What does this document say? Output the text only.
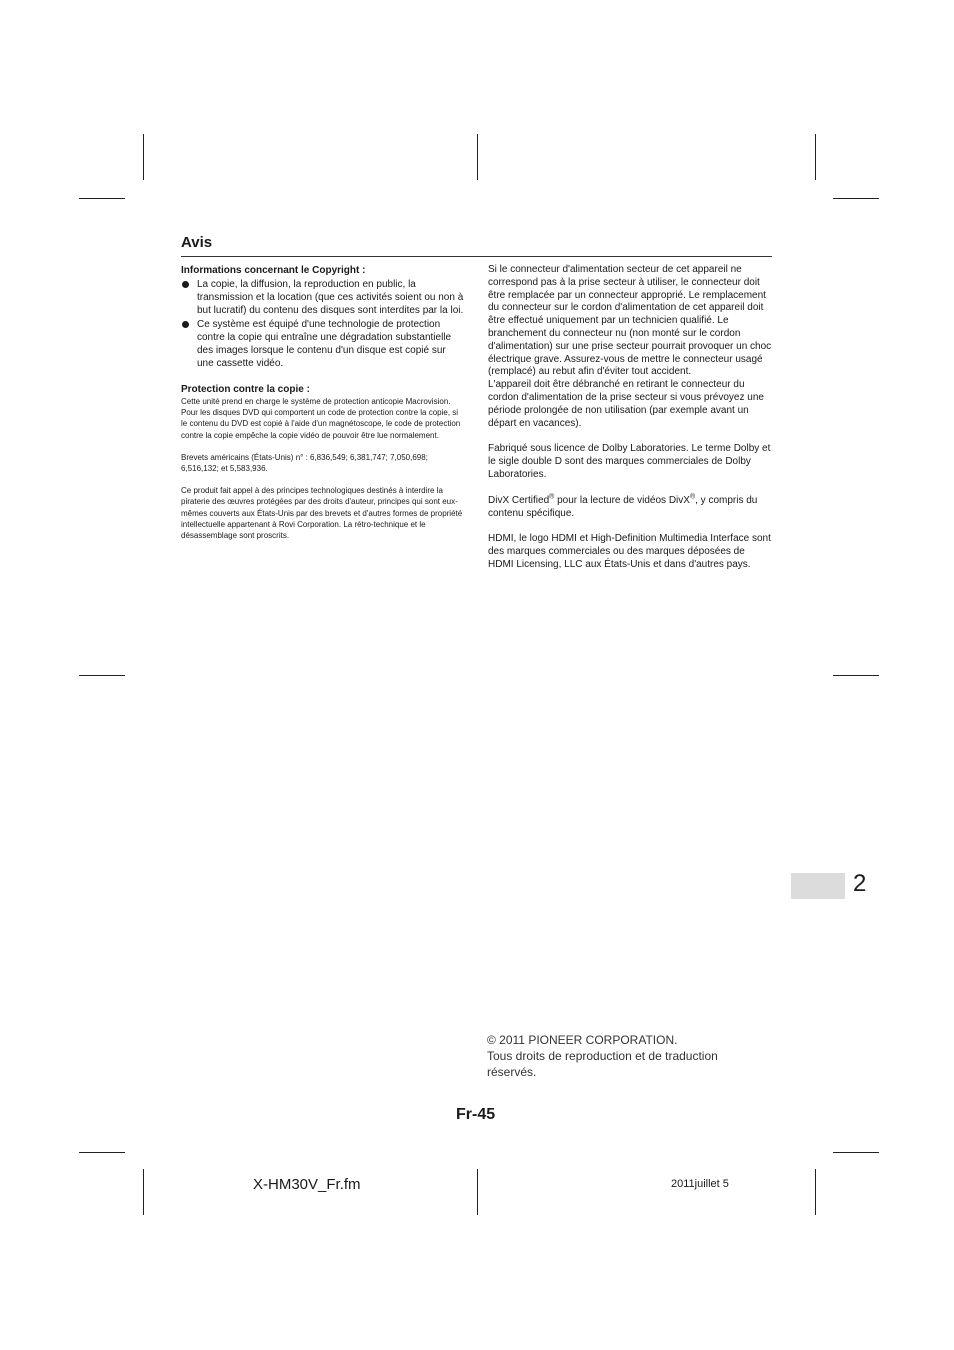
Avis
Informations concernant le Copyright :
La copie, la diffusion, la reproduction en public, la transmission et la location (que ces activités soient ou non à but lucratif) du contenu des disques sont interdites par la loi.
Ce système est équipé d'une technologie de protection contre la copie qui entraîne une dégradation substantielle des images lorsque le contenu d'un disque est copié sur une cassette vidéo.
Protection contre la copie :
Cette unité prend en charge le système de protection anticopie Macrovision.
Pour les disques DVD qui comportent un code de protection contre la copie, si le contenu du DVD est copié à l'aide d'un magnétoscope, le code de protection contre la copie empêche la copie vidéo de pouvoir être lue normalement.
Brevets américains (États-Unis) n° : 6,836,549; 6,381,747; 7,050,698; 6,516,132; et 5,583,936.
Ce produit fait appel à des principes technologiques destinés à interdire la piraterie des œuvres protégées par des droits d'auteur, principes qui sont eux-mêmes couverts aux États-Unis par des brevets et d'autres formes de propriété intellectuelle appartenant à Rovi Corporation. La rétro-technique et le désassemblage sont proscrits.
Si le connecteur d'alimentation secteur de cet appareil ne correspond pas à la prise secteur à utiliser, le connecteur doit être remplacée par un connecteur approprié. Le remplacement du connecteur sur le cordon d'alimentation de cet appareil doit être effectué uniquement par un technicien qualifié. Le branchement du connecteur nu (non monté sur le cordon d'alimentation) sur une prise secteur pourrait provoquer un choc électrique grave. Assurez-vous de mettre le connecteur usagé (remplacé) au rebut afin d'éviter tout accident.
L'appareil doit être débranché en retirant le connecteur du cordon d'alimentation de la prise secteur si vous prévoyez une période prolongée de non utilisation (par exemple avant un départ en vacances).
Fabriqué sous licence de Dolby Laboratories. Le terme Dolby et le sigle double D sont des marques commerciales de Dolby Laboratories.
DivX Certified® pour la lecture de vidéos DivX®, y compris du contenu spécifique.
HDMI, le logo HDMI et High-Definition Multimedia Interface sont des marques commerciales ou des marques déposées de HDMI Licensing, LLC aux États-Unis et dans d'autres pays.
2
© 2011 PIONEER CORPORATION.
Tous droits de reproduction et de traduction réservés.
Fr-45
X-HM30V_Fr.fm	2011juillet 5
